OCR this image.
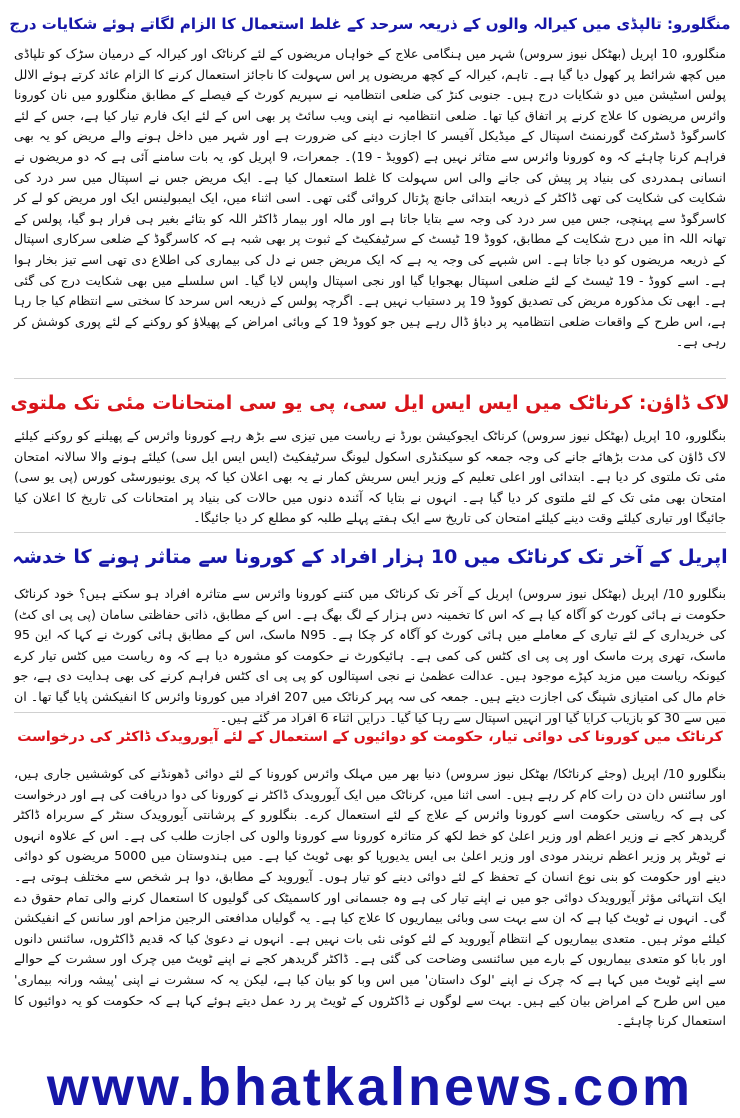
منگلورو: تالپڈی میں کیرالہ والوں کے ذریعہ سرحد کے غلط استعمال کا الزام لگاتے ہوئے شکایات درج

منگلورو، 10 اپریل (بھٹکل نیوز سروس) شہر میں ہنگامی علاج کے خواہاں مریضوں کے لئے کرناٹک اور کیرالہ کے درمیان سڑک کو تلپاڈی میں کچھ شرائط پر کھول دیا گیا ہے۔ تاہم، کیرالہ کے کچھ مریضوں پر اس سہولت کا ناجائز استعمال کرنے کا الزام عائد کرتے ہوئے الالل پولس اسٹیشن میں دو شکایات درج ہیں۔ جنوبی کنڑ کی ضلعی انتظامیہ نے سپریم کورٹ کے فیصلے کے مطابق منگلورو میں نان کورونا وائرس مریضوں کا علاج کرنے پر اتفاق کیا تھا۔ ضلعی انتظامیہ نے اپنی ویب سائٹ پر بھی اس کے لئے ایک فارم تیار کیا ہے، جس کے لئے کاسرگوڈ ڈسٹرکٹ گورنمنٹ اسپتال کے میڈیکل آفیسر کا اجازت دینے کی ضرورت ہے اور شہر میں داخل ہونے والے مریض کو یہ بھی فراہم کرنا چاہئے کہ وہ کورونا وائرس سے متاثر نہیں ہے (کوویڈ - 19)۔ جمعرات، 9 اپریل کو، یہ بات سامنے آئی ہے کہ دو مریضوں نے انسانی ہمدردی کی بنیاد پر پیش کی جانے والی اس سہولت کا غلط استعمال کیا ہے۔ ایک مریض جس نے اسپتال میں سر درد کی شکایت کی شکایت کی تھی ڈاکٹر کے ذریعہ ابتدائی جانچ پڑتال کروائی گئی تھی۔ اسی اثناء میں، ایک ایمبولینس ایک اور مریض کو لے کر کاسرگوڈ سے پہنچی، جس میں سر درد کی وجہ سے بتایا جاتا ہے اور مالہ اور بیمار ڈاکٹر اللہ کو بتائے بغیر ہی فرار ہو گیا، پولس کے تھانہ اللہ in میں درج شکایت کے مطابق، کووڈ 19 ٹیسٹ کے سرٹیفکیٹ کے ثبوت پر بھی شبہ ہے کہ کاسرگوڈ کے ضلعی سرکاری اسپتال کے ذریعہ مریضوں کو دیا جاتا ہے۔ اس شبہے کی وجہ یہ ہے کہ ایک مریض جس نے دل کی بیماری کی اطلاع دی تھی اسے تیز بخار ہوا ہے۔ اسے کووڈ - 19 ٹیسٹ کے لئے ضلعی اسپتال بھجوایا گیا اور نجی اسپتال واپس لایا گیا۔ اس سلسلے میں بھی شکایت درج کی گئی ہے۔ ابھی تک مذکورہ مریض کی تصدیق کووڈ 19 پر دستیاب نہیں ہے۔ اگرچہ پولس کے ذریعہ اس سرحد کا سختی سے انتظام کیا جا رہا ہے، اس طرح کے واقعات ضلعی انتظامیہ پر دباؤ ڈال رہے ہیں جو کووڈ 19 کے وبائی امراض کے پھیلاؤ کو روکنے کے لئے پوری کوشش کر رہی ہے۔

لاک ڈاؤن: کرناٹک میں ایس ایس ایل سی، پی یو سی امتحانات مئی تک ملتوی

بنگلورو، 10 اپریل (بھٹکل نیوز سروس) کرناٹک ایجوکیشن بورڈ نے ریاست میں تیزی سے بڑھ رہے کورونا وائرس کے پھیلنے کو روکنے کیلئے لاک ڈاؤن کی مدت بڑھائے جانے کی وجہ جمعہ کو سیکنڈری اسکول لیونگ سرٹیفکیٹ (ایس ایس ایل سی) کیلئے ہونے والا سالانہ امتحان مئی تک ملتوی کر دیا ہے۔ ابتدائی اور اعلی تعلیم کے وزیر ایس سریش کمار نے یہ بھی اعلان کیا کہ پری یونیورسٹی کورس (پی یو سی) امتحان بھی مئی تک کے لئے ملتوی کر دیا گیا ہے۔ انہوں نے بتایا کہ آئندہ دنوں میں حالات کی بنیاد پر امتحانات کی تاریخ کا اعلان کیا جائیگا اور تیاری کیلئے وقت دینے کیلئے امتحان کی تاریخ سے ایک ہفتے پہلے طلبہ کو مطلع کر دیا جائیگا۔

اپریل کے آخر تک کرناٹک میں 10 ہزار افراد کے کورونا سے متاثر ہونے کا خدشہ

بنگلورو 10/ اپریل (بھٹکل نیوز سروس) اپریل کے آخر تک کرناٹک میں کتنے کورونا وائرس سے متاثرہ افراد ہو سکتے ہیں؟ خود کرناٹک حکومت نے ہائی کورٹ کو آگاہ کیا ہے کہ اس کا تخمینہ دس ہزار کے لگ بھگ ہے۔ اس کے مطابق، ذاتی حفاظتی سامان (پی پی ای کٹ) کی خریداری کے لئے تیاری کے معاملے میں ہائی کورٹ کو آگاہ کر چکا ہے۔ N95 ماسک، اس کے مطابق ہائی کورٹ نے کہا کہ این 95 ماسک، تھری پرت ماسک اور پی پی ای کٹس کی کمی ہے۔ ہائیکورٹ نے حکومت کو مشورہ دیا ہے کہ وہ ریاست میں کٹس تیار کرے کیونکہ ریاست میں مزید کپڑے موجود ہیں۔ عدالت عظمیٰ نے نجی اسپتالوں کو پی پی ای کٹس فراہم کرنے کی بھی ہدایت دی ہے، جو خام مال کی امتیازی شپنگ کی اجازت دیتے ہیں۔ جمعہ کی سہ پہر کرناٹک میں 207 افراد میں کورونا وائرس کا انفیکشن پایا گیا تھا۔ ان میں سے 30 کو بازیاب کرایا گیا اور انہیں اسپتال سے رہا کیا گیا۔ درایں اثناء 6 افراد مر گئے ہیں۔

کرناٹک میں کورونا کی دوائی تیار، حکومت کو دوائیوں کے استعمال کے لئے آیورویدک ڈاکٹر کی درخواست

بنگلورو 10/ اپریل (وجئے کرناٹکا/ بھٹکل نیوز سروس) دنیا بھر میں مہلک وائرس کورونا کے لئے دوائی ڈھونڈنے کی کوششیں جاری ہیں، اور سائنس دان دن رات کام کر رہے ہیں۔ اسی اثنا میں، کرناٹک میں ایک آیورویدک ڈاکٹر نے کورونا کی دوا دریافت کی ہے اور درخواست کی ہے کہ ریاستی حکومت اسے کورونا وائرس کے علاج کے لئے استعمال کرے۔ بنگلورو کے پرشانتی آیورویدک سنٹر کے سربراہ ڈاکٹر گریدھر کجے نے وزیر اعظم اور وزیر اعلیٰ کو خط لکھ کر متاثرہ کورونا سے کورونا والوں کی اجازت طلب کی ہے۔ اس کے علاوہ انہوں نے ٹویٹر پر وزیر اعظم نریندر مودی اور وزیر اعلیٰ بی ایس یدیورپا کو بھی ٹویٹ کیا ہے۔ میں ہندوستان میں 5000 مریضوں کو دوائی دینے اور حکومت کو بنی نوع انسان کے تحفظ کے لئے دوائی دینے کو تیار ہوں۔ آیوروید کے مطابق، دوا ہر شخص سے مختلف ہوتی ہے۔ ایک انتہائی مؤثر آیورویدک دوائی جو میں نے اپنے تیار کی ہے وہ جسمانی اور کاسمیٹک کی گولیوں کا استعمال کرنے والی تمام حقوق دے گی۔ انہوں نے ٹویٹ کیا ہے کہ ان سے بہت سی وبائی بیماریوں کا علاج کیا ہے۔ یہ گولیاں مدافعتی الرجین مزاحم اور سانس کے انفیکشن کیلئے موثر ہیں۔ متعدی بیماریوں کے انتظام آیوروید کے لئے کوئی نئی بات نہیں ہے۔ انہوں نے دعویٰ کیا کہ قدیم ڈاکٹروں، سائنس دانوں اور بابا کو متعدی بیماریوں کے بارے میں سائنسی وضاحت کی گئی ہے۔ ڈاکٹر گریدھر کجے نے اپنے ٹویٹ میں چرک اور سشرت کے حوالے سے اپنے ٹویٹ میں کہا ہے کہ چرک نے اپنے 'لوک داستان' میں اس وبا کو بیان کیا ہے، لیکن یہ کہ سشرت نے اپنی 'پیشہ ورانہ بیماری' میں اس طرح کے امراض بیان کیے ہیں۔ بہت سے لوگوں نے ڈاکٹروں کے ٹویٹ پر رد عمل دیتے ہوئے کہا ہے کہ حکومت کو یہ دوائیوں کا استعمال کرنا چاہئے۔

www.bhatkalnews.com
